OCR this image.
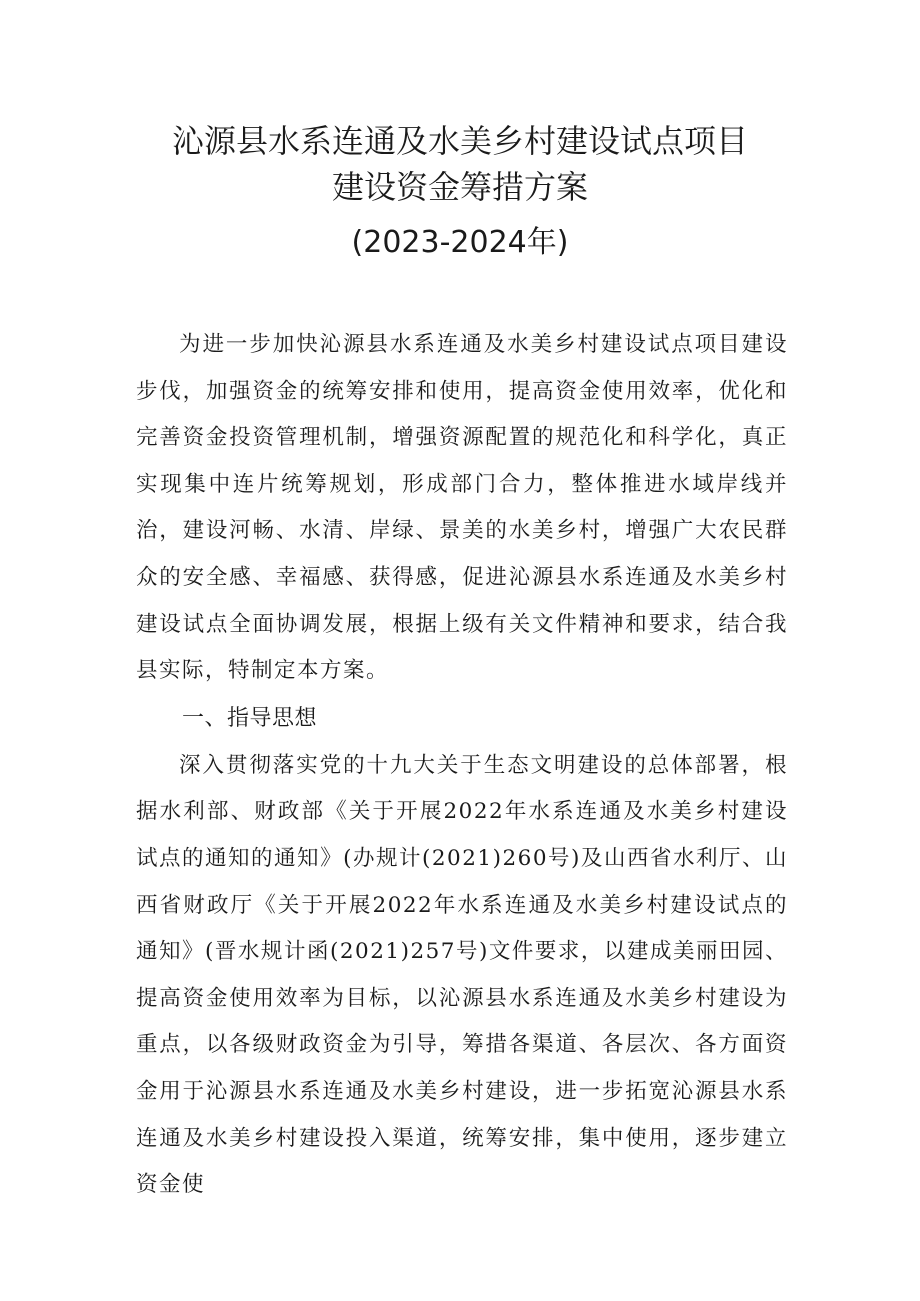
沁源县水系连通及水美乡村建设试点项目
建设资金筹措方案
(2023-2024年)

为进一步加快沁源县水系连通及水美乡村建设试点项目建设步伐，加强资金的统筹安排和使用，提高资金使用效率，优化和完善资金投资管理机制，增强资源配置的规范化和科学化，真正实现集中连片统筹规划，形成部门合力，整体推进水域岸线并治，建设河畅、水清、岸绿、景美的水美乡村，增强广大农民群众的安全感、幸福感、获得感，促进沁源县水系连通及水美乡村建设试点全面协调发展，根据上级有关文件精神和要求，结合我县实际，特制定本方案。

一、指导思想

深入贯彻落实党的十九大关于生态文明建设的总体部署，根据水利部、财政部《关于开展2022年水系连通及水美乡村建设试点的通知的通知》(办规计(2021)260号)及山西省水利厅、山西省财政厅《关于开展2022年水系连通及水美乡村建设试点的通知》(晋水规计函(2021)257号)文件要求，以建成美丽田园、提高资金使用效率为目标，以沁源县水系连通及水美乡村建设为重点，以各级财政资金为引导，筹措各渠道、各层次、各方面资金用于沁源县水系连通及水美乡村建设，进一步拓宽沁源县水系连通及水美乡村建设投入渠道，统筹安排，集中使用，逐步建立资金使
